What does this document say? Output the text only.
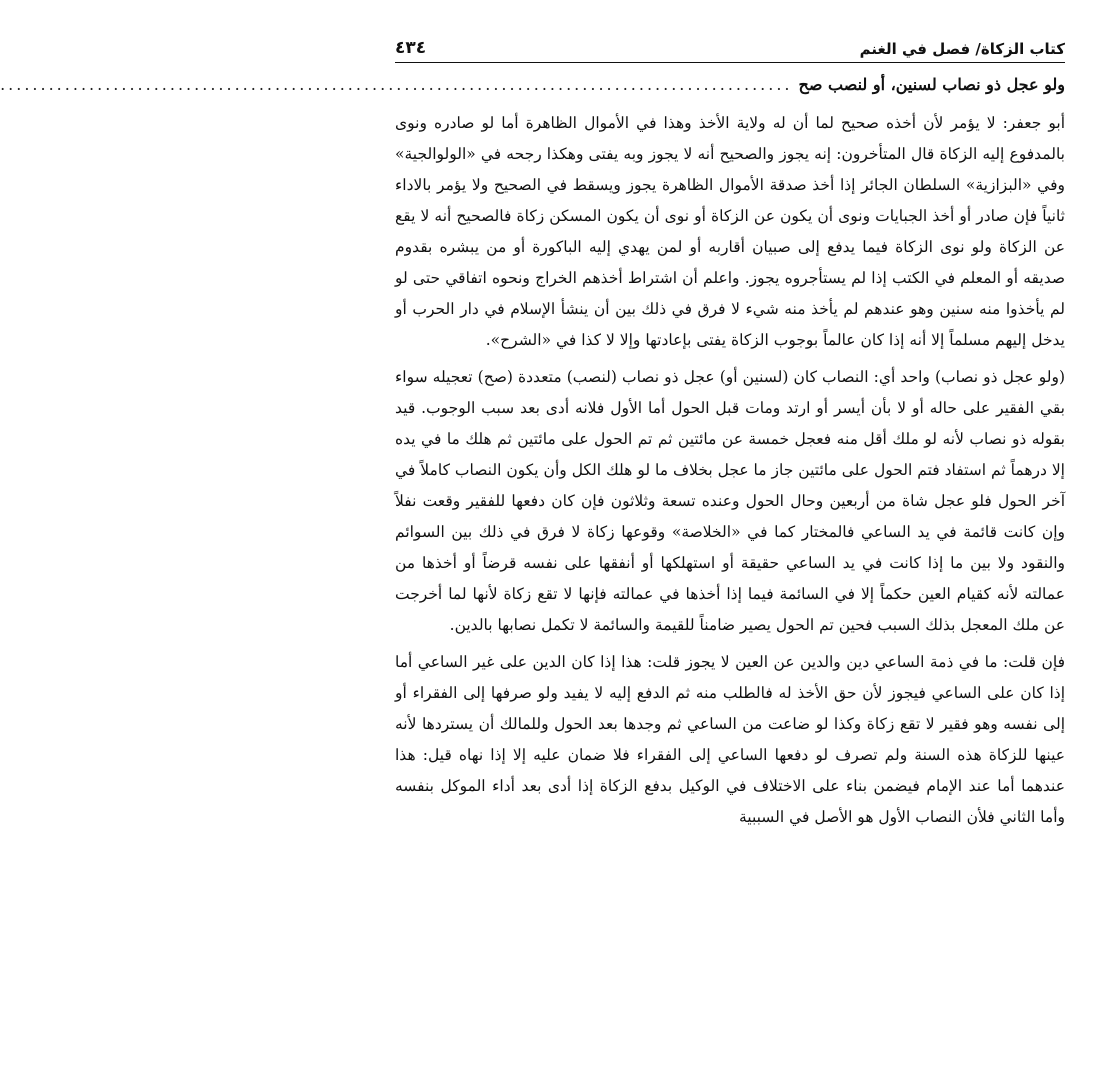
كتاب الزكاة/ فصل في الغنم
٤٣٤
ولو عجل ذو نصاب لسنين، أو لنصب صح
..................................................................................................

أبو جعفر: لا يؤمر لأن أخذه صحيح لما أن له ولاية الأخذ وهذا في الأموال الظاهرة أما لو صادره ونوى بالمدفوع إليه الزكاة قال المتأخرون: إنه يجوز والصحيح أنه لا يجوز وبه يفتى وهكذا رجحه في «الولوالجية» وفي «البزازية» السلطان الجائر إذا أخذ صدقة الأموال الظاهرة يجوز ويسقط في الصحيح ولا يؤمر بالاداء ثانياً فإن صادر أو أخذ الجبايات ونوى أن يكون عن الزكاة أو نوى أن يكون المسكن زكاة فالصحيح أنه لا يقع عن الزكاة ولو نوى الزكاة فيما يدفع إلى صبيان أقاربه أو لمن يهدي إليه الباكورة أو من يبشره بقدوم صديقه أو المعلم في الكتب إذا لم يستأجروه يجوز. واعلم أن اشتراط أخذهم الخراج ونحوه اتفاقي حتى لو لم يأخذوا منه سنين وهو عندهم لم يأخذ منه شيء لا فرق في ذلك بين أن ينشأ الإسلام في دار الحرب أو يدخل إليهم مسلماً إلا أنه إذا كان عالماً بوجوب الزكاة يفتى بإعادتها وإلا لا كذا في «الشرح».

(ولو عجل ذو نصاب) واحد أي: النصاب كان (لسنين أو) عجل ذو نصاب (لنصب) متعددة (صح) تعجيله سواء بقي الفقير على حاله أو لا بأن أيسر أو ارتد ومات قبل الحول أما الأول فلانه أدى بعد سبب الوجوب. قيد بقوله ذو نصاب لأنه لو ملك أقل منه فعجل خمسة عن مائتين ثم تم الحول على مائتين ثم هلك ما في يده إلا درهماً ثم استفاد فتم الحول على مائتين جاز ما عجل بخلاف ما لو هلك الكل وأن يكون النصاب كاملاً في آخر الحول فلو عجل شاة من أربعين وحال الحول وعنده تسعة وثلاثون فإن كان دفعها للفقير وقعت نفلاً وإن كانت قائمة في يد الساعي فالمختار كما في «الخلاصة» وقوعها زكاة لا فرق في ذلك بين السوائم والنقود ولا بين ما إذا كانت في يد الساعي حقيقة أو استهلكها أو أنفقها على نفسه قرضاً أو أخذها من عمالته لأنه كقيام العين حكماً إلا في السائمة فيما إذا أخذها في عمالته فإنها لا تقع زكاة لأنها لما أخرجت عن ملك المعجل بذلك السبب فحين تم الحول يصير ضامناً للقيمة والسائمة لا تكمل نصابها بالدين.

فإن قلت: ما في ذمة الساعي دين والدين عن العين لا يجوز قلت: هذا إذا كان الدين على غير الساعي أما إذا كان على الساعي فيجوز لأن حق الأخذ له فالطلب منه ثم الدفع إليه لا يفيد ولو صرفها إلى الفقراء أو إلى نفسه وهو فقير لا تقع زكاة وكذا لو ضاعت من الساعي ثم وجدها بعد الحول وللمالك أن يستردها لأنه عينها للزكاة هذه السنة ولم تصرف لو دفعها الساعي إلى الفقراء فلا ضمان عليه إلا إذا نهاه قيل: هذا عندهما أما عند الإمام فيضمن بناء على الاختلاف في الوكيل بدفع الزكاة إذا أدى بعد أداء الموكل بنفسه وأما الثاني فلأن النصاب الأول هو الأصل في السببية
